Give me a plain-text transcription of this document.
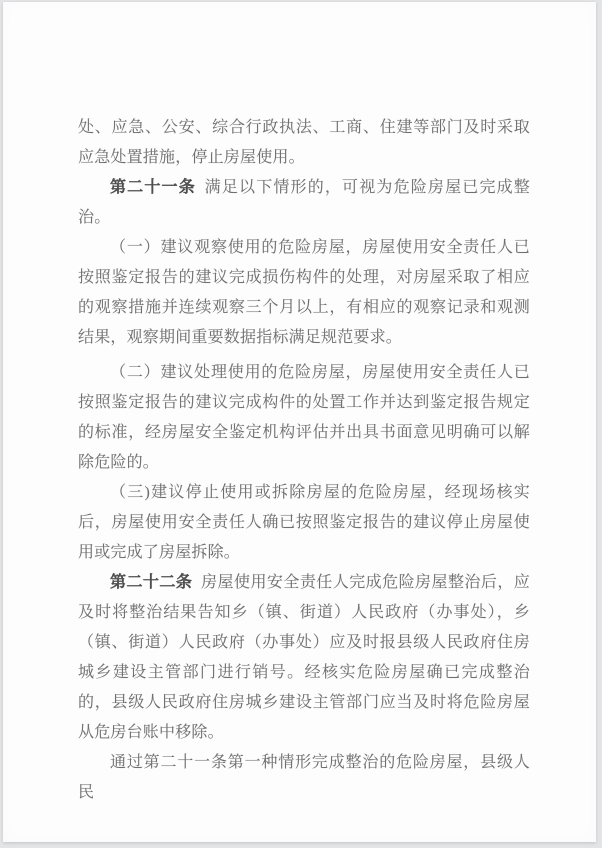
处、应急、公安、综合行政执法、工商、住建等部门及时采取应急处置措施，停止房屋使用。

第二十一条 满足以下情形的，可视为危险房屋已完成整治。

（一）建议观察使用的危险房屋，房屋使用安全责任人已按照鉴定报告的建议完成损伤构件的处理，对房屋采取了相应的观察措施并连续观察三个月以上，有相应的观察记录和观测结果，观察期间重要数据指标满足规范要求。

（二）建议处理使用的危险房屋，房屋使用安全责任人已按照鉴定报告的建议完成构件的处置工作并达到鉴定报告规定的标准，经房屋安全鉴定机构评估并出具书面意见明确可以解除危险的。

（三)建议停止使用或拆除房屋的危险房屋，经现场核实后，房屋使用安全责任人确已按照鉴定报告的建议停止房屋使用或完成了房屋拆除。

第二十二条 房屋使用安全责任人完成危险房屋整治后，应及时将整治结果告知乡（镇、街道）人民政府（办事处），乡（镇、街道）人民政府（办事处）应及时报县级人民政府住房城乡建设主管部门进行销号。经核实危险房屋确已完成整治的，县级人民政府住房城乡建设主管部门应当及时将危险房屋从危房台账中移除。

通过第二十一条第一种情形完成整治的危险房屋，县级人民
